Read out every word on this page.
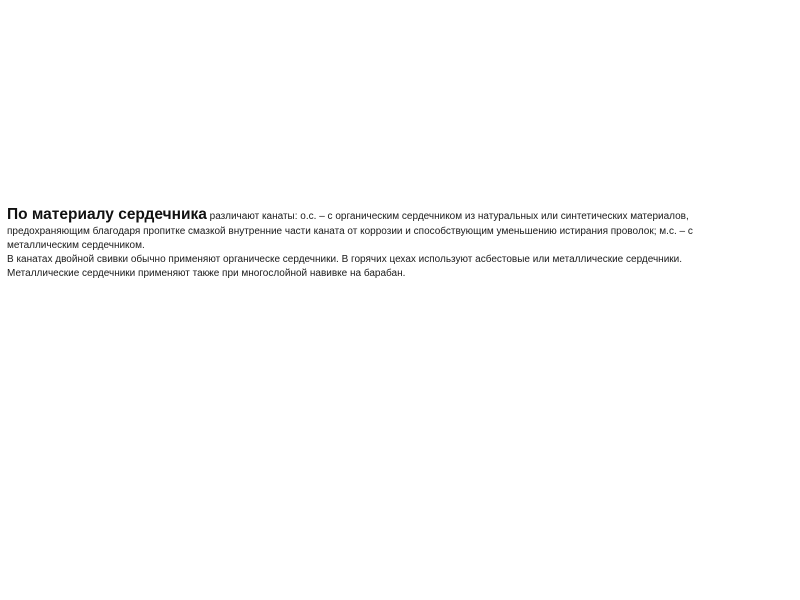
По материалу сердечника различают канаты: о.с. – с органическим сердечником из натуральных или синтетических материалов,
предохраняющим благодаря пропитке смазкой внутренние части каната от коррозии и способствующим уменьшению истирания проволок; м.с. – с
металлическим сердечником.
В канатах двойной свивки обычно применяют органическе сердечники. В горячих цехах используют асбестовые или металлические сердечники.
Металлические сердечники применяют также при многослойной навивке на барабан.
